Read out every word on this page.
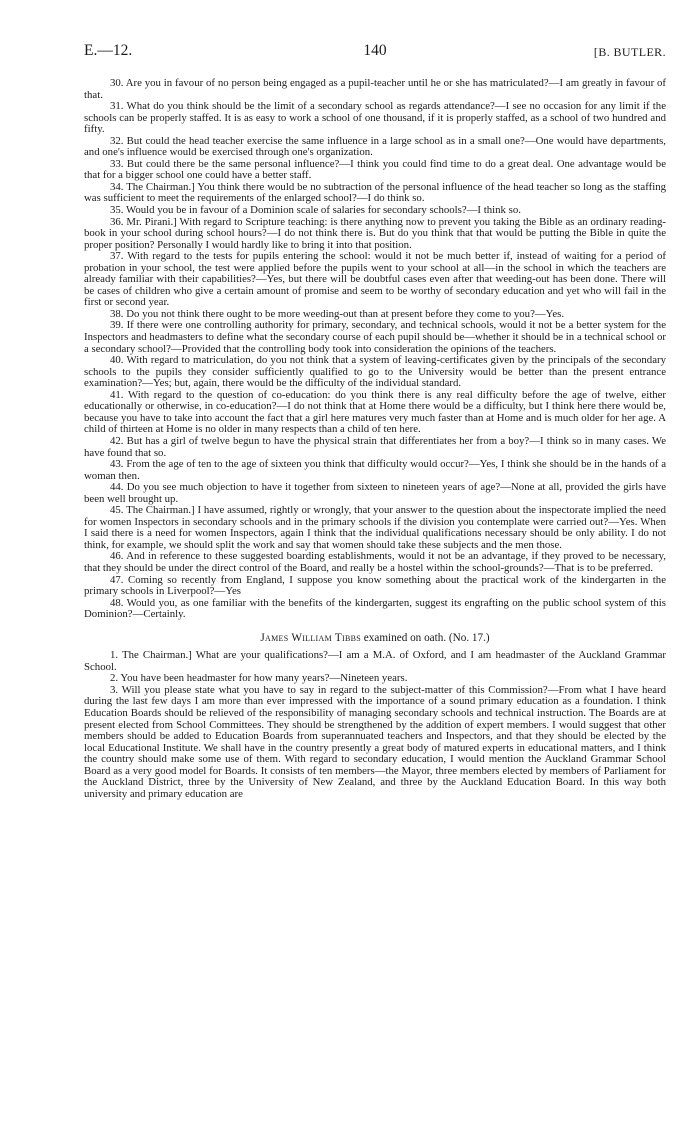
E.—12.	140	[B. BUTLER.

30. Are you in favour of no person being engaged as a pupil-teacher until he or she has matriculated?—I am greatly in favour of that.

31. What do you think should be the limit of a secondary school as regards attendance?—I see no occasion for any limit if the schools can be properly staffed. It is as easy to work a school of one thousand, if it is properly staffed, as a school of two hundred and fifty.

32. But could the head teacher exercise the same influence in a large school as in a small one?—One would have departments, and one's influence would be exercised through one's organization.

33. But could there be the same personal influence?—I think you could find time to do a great deal. One advantage would be that for a bigger school one could have a better staff.

34. The Chairman.] You think there would be no subtraction of the personal influence of the head teacher so long as the staffing was sufficient to meet the requirements of the enlarged school?—I do think so.

35. Would you be in favour of a Dominion scale of salaries for secondary schools?—I think so.

36. Mr. Pirani.] With regard to Scripture teaching: is there anything now to prevent you taking the Bible as an ordinary reading-book in your school during school hours?—I do not think there is. But do you think that that would be putting the Bible in quite the proper position? Personally I would hardly like to bring it into that position.

37. With regard to the tests for pupils entering the school: would it not be much better if, instead of waiting for a period of probation in your school, the test were applied before the pupils went to your school at all—in the school in which the teachers are already familiar with their capabilities?—Yes, but there will be doubtful cases even after that weeding-out has been done. There will be cases of children who give a certain amount of promise and seem to be worthy of secondary education and yet who will fail in the first or second year.

38. Do you not think there ought to be more weeding-out than at present before they come to you?—Yes.

39. If there were one controlling authority for primary, secondary, and technical schools, would it not be a better system for the Inspectors and headmasters to define what the secondary course of each pupil should be—whether it should be in a technical school or a secondary school?—Provided that the controlling body took into consideration the opinions of the teachers.

40. With regard to matriculation, do you not think that a system of leaving-certificates given by the principals of the secondary schools to the pupils they consider sufficiently qualified to go to the University would be better than the present entrance examination?—Yes; but, again, there would be the difficulty of the individual standard.

41. With regard to the question of co-education: do you think there is any real difficulty before the age of twelve, either educationally or otherwise, in co-education?—I do not think that at Home there would be a difficulty, but I think here there would be, because you have to take into account the fact that a girl here matures very much faster than at Home and is much older for her age. A child of thirteen at Home is no older in many respects than a child of ten here.

42. But has a girl of twelve begun to have the physical strain that differentiates her from a boy?—I think so in many cases. We have found that so.

43. From the age of ten to the age of sixteen you think that difficulty would occur?—Yes, I think she should be in the hands of a woman then.

44. Do you see much objection to have it together from sixteen to nineteen years of age?—None at all, provided the girls have been well brought up.

45. The Chairman.] I have assumed, rightly or wrongly, that your answer to the question about the inspectorate implied the need for women Inspectors in secondary schools and in the primary schools if the division you contemplate were carried out?—Yes. When I said there is a need for women Inspectors, again I think that the individual qualifications necessary should be only ability. I do not think, for example, we should split the work and say that women should take these subjects and the men those.

46. And in reference to these suggested boarding establishments, would it not be an advantage, if they proved to be necessary, that they should be under the direct control of the Board, and really be a hostel within the school-grounds?—That is to be preferred.

47. Coming so recently from England, I suppose you know something about the practical work of the kindergarten in the primary schools in Liverpool?—Yes

48. Would you, as one familiar with the benefits of the kindergarten, suggest its engrafting on the public school system of this Dominion?—Certainly.

James William Tibbs examined on oath. (No. 17.)

1. The Chairman.] What are your qualifications?—I am a M.A. of Oxford, and I am headmaster of the Auckland Grammar School.

2. You have been headmaster for how many years?—Nineteen years.

3. Will you please state what you have to say in regard to the subject-matter of this Commission?—From what I have heard during the last few days I am more than ever impressed with the importance of a sound primary education as a foundation. I think Education Boards should be relieved of the responsibility of managing secondary schools and technical instruction. The Boards are at present elected from School Committees. They should be strengthened by the addition of expert members. I would suggest that other members should be added to Education Boards from superannuated teachers and Inspectors, and that they should be elected by the local Educational Institute. We shall have in the country presently a great body of matured experts in educational matters, and I think the country should make some use of them. With regard to secondary education, I would mention the Auckland Grammar School Board as a very good model for Boards. It consists of ten members—the Mayor, three members elected by members of Parliament for the Auckland District, three by the University of New Zealand, and three by the Auckland Education Board. In this way both university and primary education are
